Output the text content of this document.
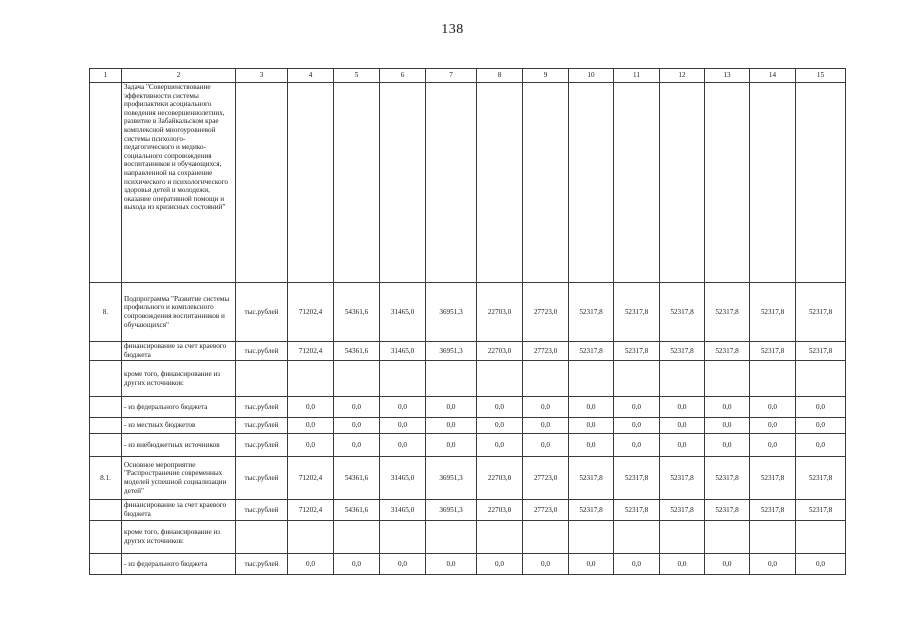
138
1	2	3	4	5	6	7	8	9	10	11	12	13	14	15
	Задача "Совершенствование эффективности системы профилактики асоциального поведения несовершеннолетних, развитие в Забайкальском крае комплексной многоуровневой системы психолого-педагогического и медико-социального сопровождения воспитанников и обучающихся, направленной на сохранение психического и психологического здоровья детей и молодежи, оказание оперативной помощи и выхода из кризисных состояний"													
8.	Подпрограмма "Развитие системы профильного и комплексного сопровождения воспитанников и обучающихся"	тыс.рублей	71202,4	54361,6	31465,0	36951,3	22703,0	27723,0	52317,8	52317,8	52317,8	52317,8	52317,8	52317,8
	финансирование за счет краевого бюджета	тыс.рублей	71202,4	54361,6	31465,0	36951,3	22703,0	27723,0	52317,8	52317,8	52317,8	52317,8	52317,8	52317,8
	кроме того, финансирование из других источников:													
	- из федерального бюджета	тыс.рублей	0,0	0,0	0,0	0,0	0,0	0,0	0,0	0,0	0,0	0,0	0,0	0,0
	- из местных бюджетов	тыс.рублей	0,0	0,0	0,0	0,0	0,0	0,0	0,0	0,0	0,0	0,0	0,0	0,0
	- из внебюджетных источников	тыс.рублей	0,0	0,0	0,0	0,0	0,0	0,0	0,0	0,0	0,0	0,0	0,0	0,0
8.1.	Основное мероприятие "Распространение современных моделей успешной социализации детей"	тыс.рублей	71202,4	54361,6	31465,0	36951,3	22703,0	27723,0	52317,8	52317,8	52317,8	52317,8	52317,8	52317,8
	финансирование за счет краевого бюджета	тыс.рублей	71202,4	54361,6	31465,0	36951,3	22703,0	27723,0	52317,8	52317,8	52317,8	52317,8	52317,8	52317,8
	кроме того, финансирование из других источников:													
	- из федерального бюджета	тыс.рублей	0,0	0,0	0,0	0,0	0,0	0,0	0,0	0,0	0,0	0,0	0,0	0,0
